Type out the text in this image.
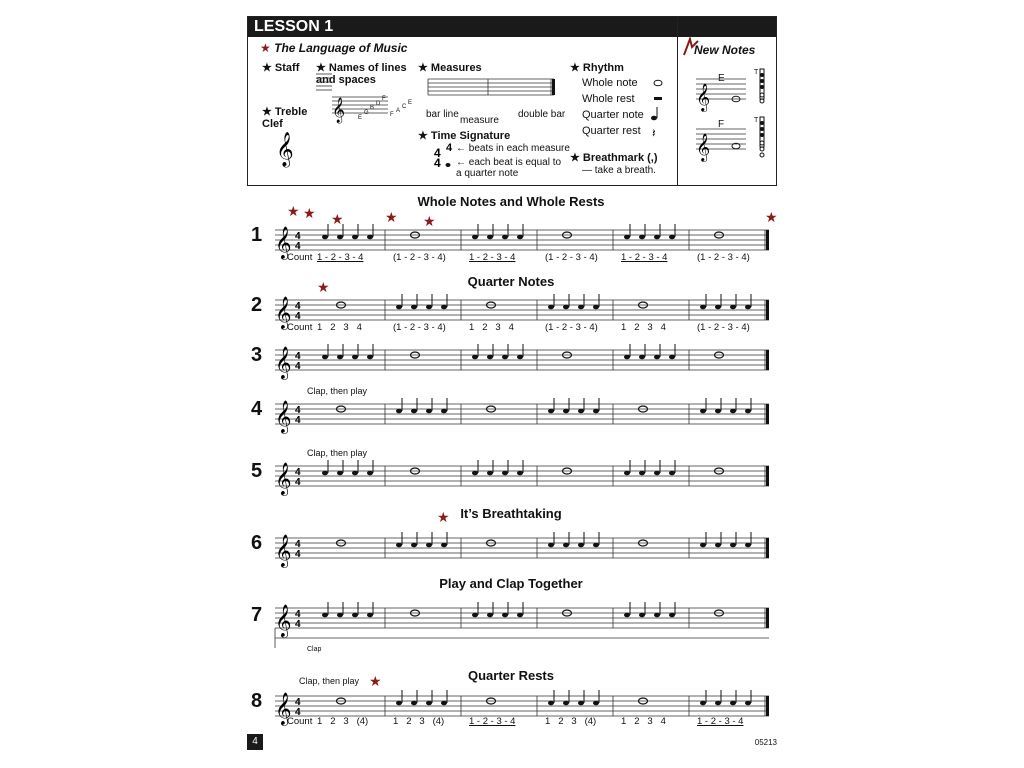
LESSON 1
★ The Language of Music
★ Staff
★ Treble Clef
★ Names of lines and spaces
★ Measures
bar line
measure
double bar
★ Time Signature
← beats in each measure
← each beat is equal to a quarter note
★ Rhythm
Whole note
Whole rest
Quarter note
Quarter rest
★ Breathmark (,)
— take a breath.
New Notes
E
F
T
T
E
G
B
D
F
F
A
C
E
𝄞
𝄞	𝄞
𝄞
𝄽
4
4
4
Whole Notes and Whole Rests
Quarter Notes
It’s Breathtaking
Play and Clap Together
Quarter Rests
1
2
3
4
5
6
7
8
Count 1 - 2 - 3 - 4	(1 - 2 - 3 - 4) 1 - 2 - 3 - 4	(1 - 2 - 3 - 4) 1 - 2 - 3 - 4	(1 - 2 - 3 - 4)
Count 1   2   3   4	(1 - 2 - 3 - 4) 1   2   3   4	(1 - 2 - 3 - 4) 1   2   3   4	(1 - 2 - 3 - 4)
Count 1   2   3   (4)	1   2   3   (4)	1 - 2 - 3 - 4	1   2   3   (4)	1   2   3   4	1 - 2 - 3 - 4
Clap, then play
Clap, then play
Clap, then play
Clap
𝄞 4
4
𝄞 4
4
𝄞 4
4
𝄞 4
4
𝄞 4
4
𝄞 4
4
𝄞 4
4
𝄞 4
4
★ ★ ★	★ ★	★
★
★
★
4	05213
